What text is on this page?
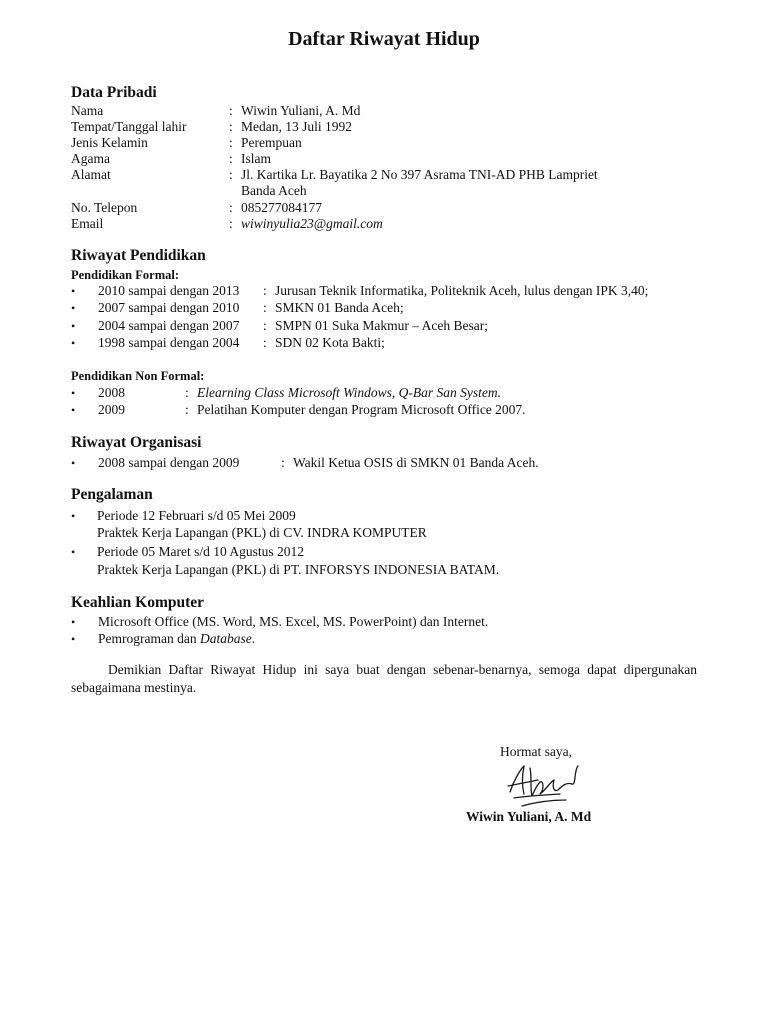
Daftar Riwayat Hidup
Data Pribadi
Nama	: Wiwin Yuliani, A. Md
Tempat/Tanggal lahir	: Medan, 13 Juli 1992
Jenis Kelamin	: Perempuan
Agama	: Islam
Alamat	: Jl. Kartika Lr. Bayatika 2 No 397 Asrama TNI-AD PHB Lampriet
Banda Aceh
No. Telepon	: 085277084177
Email	: wiwinyulia23@gmail.com
Riwayat Pendidikan
Pendidikan Formal:
•	2010 sampai dengan 2013 : Jurusan Teknik Informatika, Politeknik Aceh, lulus dengan IPK 3,40;
•	2007 sampai dengan 2010 : SMKN 01 Banda Aceh;
•	2004 sampai dengan 2007 : SMPN 01 Suka Makmur – Aceh Besar;
•	1998 sampai dengan 2004 : SDN 02 Kota Bakti;
Pendidikan Non Formal:
•	2008	: Elearning Class Microsoft Windows, Q-Bar San System.
•	2009	: Pelatihan Komputer dengan Program Microsoft Office 2007.
Riwayat Organisasi
•	2008 sampai dengan 2009	: Wakil Ketua OSIS di SMKN 01 Banda Aceh.
Pengalaman
•	Periode 12 Februari s/d 05 Mei 2009
Praktek Kerja Lapangan (PKL) di CV. INDRA KOMPUTER
•	Periode 05 Maret s/d 10 Agustus 2012
Praktek Kerja Lapangan (PKL) di PT. INFORSYS INDONESIA BATAM.
Keahlian Komputer
•	Microsoft Office (MS. Word, MS. Excel, MS. PowerPoint) dan Internet.
•	Pemrograman dan Database.
Demikian Daftar Riwayat Hidup ini saya buat dengan sebenar-benarnya, semoga dapat dipergunakan sebagaimana mestinya.
Hormat saya,
Wiwin Yuliani, A. Md
